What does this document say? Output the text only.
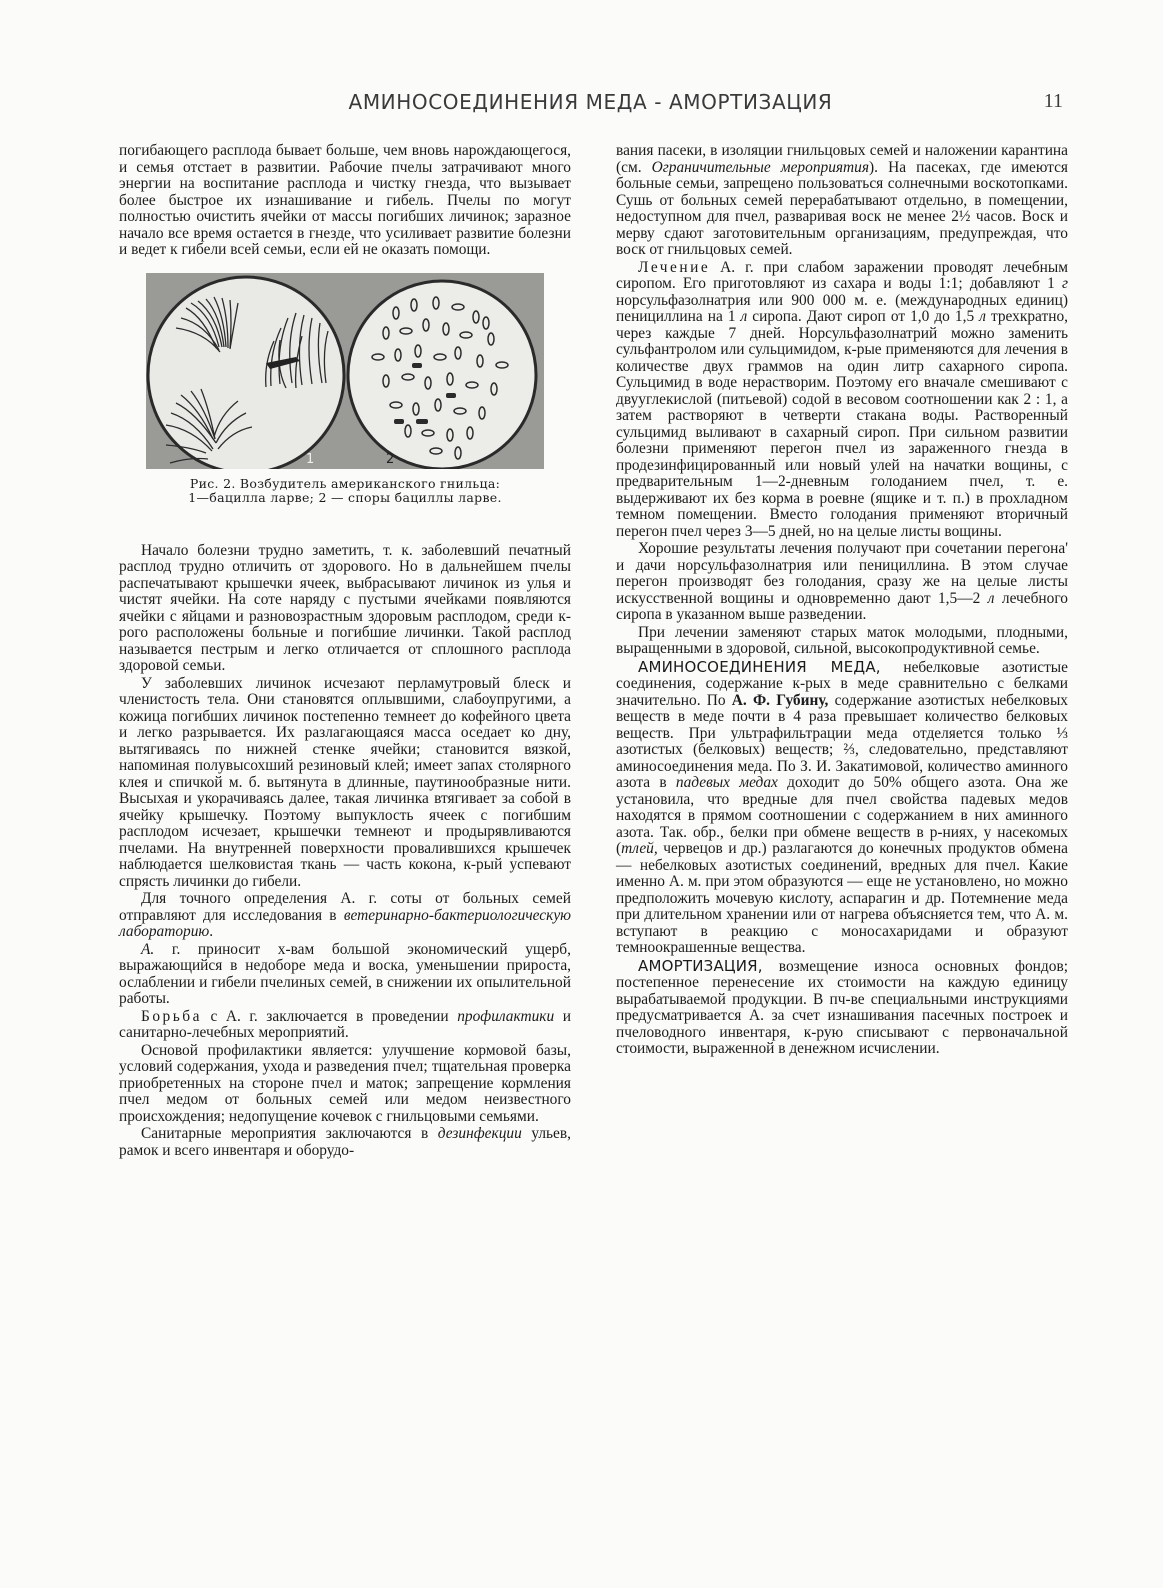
АМИНОСОЕДИНЕНИЯ МЕДА - АМОРТИЗАЦИЯ	11

погибающего расплода бывает больше, чем вновь нарождающегося, и семья отстает в развитии. Рабочие пчелы затрачивают много энергии на воспитание расплода и чистку гнезда, что вызывает более быстрое их изнашивание и гибель. Пчелы по могут полностью очистить ячейки от массы погибших личинок; заразное начало все время остается в гнезде, что усиливает развитие болезни и ведет к гибели всей семьи, если ей не оказать помощи.

1	2
Рис. 2. Возбудитель американского гнильца:
1—бацилла ларве; 2 — споры бациллы ларве.

Начало болезни трудно заметить, т. к. заболевший печатный расплод трудно отличить от здорового. Но в дальнейшем пчелы распечатывают крышечки ячеек, выбрасывают личинок из улья и чистят ячейки. На соте наряду с пустыми ячейками появляются ячейки с яйцами и разновозрастным здоровым расплодом, среди к-рого расположены больные и погибшие личинки. Такой расплод называется пестрым и легко отличается от сплошного расплода здоровой семьи.

У заболевших личинок исчезают перламутровый блеск и членистость тела. Они становятся оплывшими, слабоупругими, а кожица погибших личинок постепенно темнеет до кофейного цвета и легко разрывается. Их разлагающаяся масса оседает ко дну, вытягиваясь по нижней стенке ячейки; становится вязкой, напоминая полувысохший резиновый клей; имеет запах столярного клея и спичкой м. б. вытянута в длинные, паутинообразные нити. Высыхая и укорачиваясь далее, такая личинка втягивает за собой в ячейку крышечку. Поэтому выпуклость ячеек с погибшим расплодом исчезает, крышечки темнеют и продырявливаются пчелами. На внутренней поверхности провалившихся крышечек наблюдается шелковистая ткань — часть кокона, к-рый успевают спрясть личинки до гибели.

Для точного определения А. г. соты от больных семей отправляют для исследования в ветеринарно-бактериологическую лабораторию.

А. г. приносит х-вам большой экономический ущерб, выражающийся в недоборе меда и воска, уменьшении прироста, ослаблении и гибели пчелиных семей, в снижении их опылительной работы.

Борьба с А. г. заключается в проведении профилактики и санитарно-лечебных мероприятий.

Основой профилактики является: улучшение кормовой базы, условий содержания, ухода и разведения пчел; тщательная проверка приобретенных на стороне пчел и маток; запрещение кормления пчел медом от больных семей или медом неизвестного происхождения; недопущение кочевок с гнильцовыми семьями.

Санитарные мероприятия заключаются в дезинфекции ульев, рамок и всего инвентаря и оборудо-

вания пасеки, в изоляции гнильцовых семей и наложении карантина (см. Ограничительные мероприятия). На пасеках, где имеются больные семьи, запрещено пользоваться солнечными воскотопками. Сушь от больных семей перерабатывают отдельно, в помещении, недоступном для пчел, разваривая воск не менее 2½ часов. Воск и мерву сдают заготовительным организациям, предупреждая, что воск от гнильцовых семей.

Лечение А. г. при слабом заражении проводят лечебным сиропом. Его приготовляют из сахара и воды 1:1; добавляют 1 г норсульфазолнатрия или 900 000 м. е. (международных единиц) пенициллина на 1 л сиропа. Дают сироп от 1,0 до 1,5 л трехкратно, через каждые 7 дней. Норсульфазолнатрий можно заменить сульфантролом или сульцимидом, к-рые применяются для лечения в количестве двух граммов на один литр сахарного сиропа. Сульцимид в воде нерастворим. Поэтому его вначале смешивают с двууглекислой (питьевой) содой в весовом соотношении как 2 : 1, а затем растворяют в четверти стакана воды. Растворенный сульцимид выливают в сахарный сироп. При сильном развитии болезни применяют перегон пчел из зараженного гнезда в продезинфицированный или новый улей на начатки вощины, с предварительным 1—2-дневным голоданием пчел, т. е. выдерживают их без корма в роевне (ящике и т. п.) в прохладном темном помещении. Вместо голодания применяют вторичный перегон пчел через 3—5 дней, но на целые листы вощины.

Хорошие результаты лечения получают при сочетании перегона' и дачи норсульфазолнатрия или пенициллина. В этом случае перегон производят без голодания, сразу же на целые листы искусственной вощины и одновременно дают 1,5—2 л лечебного сиропа в указанном выше разведении.

При лечении заменяют старых маток молодыми, плодными, выращенными в здоровой, сильной, высокопродуктивной семье.

АМИНОСОЕДИНЕНИЯ МЕДА, небелковые азотистые соединения, содержание к-рых в меде сравнительно с белками значительно. По А. Ф. Губину, содержание азотистых небелковых веществ в меде почти в 4 раза превышает количество белковых веществ. При ультрафильтрации меда отделяется только ⅓ азотистых (белковых) веществ; ⅔, следовательно, представляют аминосоединения меда. По З. И. Закатимовой, количество аминного азота в падевых медах доходит до 50% общего азота. Она же установила, что вредные для пчел свойства падевых медов находятся в прямом соотношении с содержанием в них аминного азота. Так. обр., белки при обмене веществ в р-ниях, у насекомых (тлей, червецов и др.) разлагаются до конечных продуктов обмена — небелковых азотистых соединений, вредных для пчел. Какие именно А. м. при этом образуются — еще не установлено, но можно предположить мочевую кислоту, аспарагин и др. Потемнение меда при длительном хранении или от нагрева объясняется тем, что А. м. вступают в реакцию с моносахаридами и образуют темноокрашенные вещества.

АМОРТИЗАЦИЯ, возмещение износа основных фондов; постепенное перенесение их стоимости на каждую единицу вырабатываемой продукции. В пч-ве специальными инструкциями предусматривается А. за счет изнашивания пасечных построек и пчеловодного инвентаря, к-рую списывают с первоначальной стоимости, выраженной в денежном исчислении.
